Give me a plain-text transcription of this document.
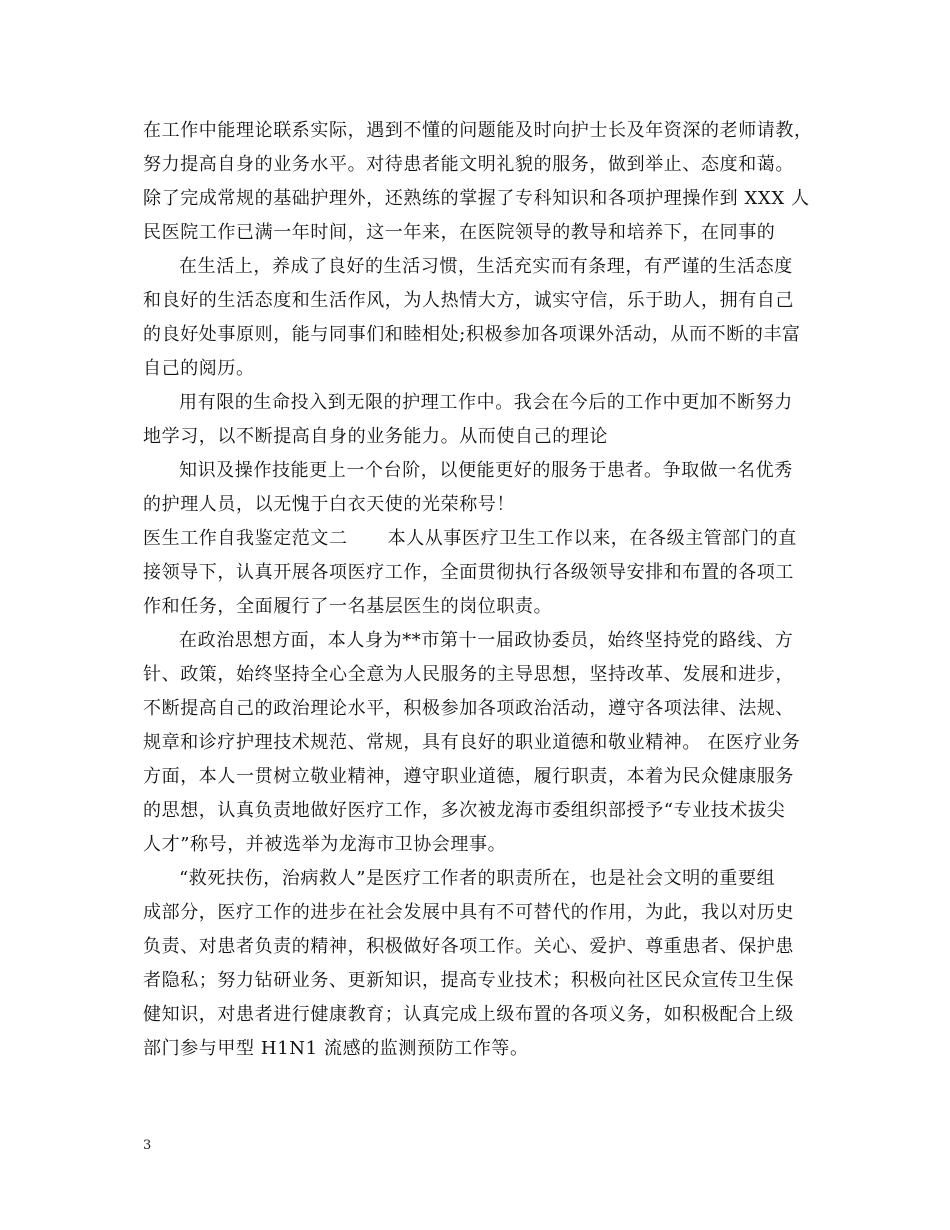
在工作中能理论联系实际，遇到不懂的问题能及时向护士长及年资深的老师请教，
努力提高自身的业务水平。对待患者能文明礼貌的服务，做到举止、态度和蔼。
除了完成常规的基础护理外，还熟练的掌握了专科知识和各项护理操作到 XXX 人
民医院工作已满一年时间，这一年来，在医院领导的教导和培养下，在同事的
在生活上，养成了良好的生活习惯，生活充实而有条理，有严谨的生活态度
和良好的生活态度和生活作风，为人热情大方，诚实守信，乐于助人，拥有自己
的良好处事原则，能与同事们和睦相处;积极参加各项课外活动，从而不断的丰富
自己的阅历。
用有限的生命投入到无限的护理工作中。我会在今后的工作中更加不断努力
地学习，以不断提高自身的业务能力。从而使自己的理论
知识及操作技能更上一个台阶，以便能更好的服务于患者。争取做一名优秀
的护理人员，以无愧于白衣天使的光荣称号！
医生工作自我鉴定范文二 本人从事医疗卫生工作以来，在各级主管部门的直
接领导下，认真开展各项医疗工作，全面贯彻执行各级领导安排和布置的各项工
作和任务，全面履行了一名基层医生的岗位职责。
在政治思想方面，本人身为**市第十一届政协委员，始终坚持党的路线、方
针、政策，始终坚持全心全意为人民服务的主导思想，坚持改革、发展和进步，
不断提高自己的政治理论水平，积极参加各项政治活动，遵守各项法律、法规、
规章和诊疗护理技术规范、常规，具有良好的职业道德和敬业精神。 在医疗业务
方面，本人一贯树立敬业精神，遵守职业道德，履行职责，本着为民众健康服务
的思想，认真负责地做好医疗工作，多次被龙海市委组织部授予“专业技术拔尖
人才”称号，并被选举为龙海市卫协会理事。
“救死扶伤，治病救人”是医疗工作者的职责所在，也是社会文明的重要组
成部分，医疗工作的进步在社会发展中具有不可替代的作用，为此，我以对历史
负责、对患者负责的精神，积极做好各项工作。关心、爱护、尊重患者、保护患
者隐私；努力钻研业务、更新知识，提高专业技术；积极向社区民众宣传卫生保
健知识，对患者进行健康教育；认真完成上级布置的各项义务，如积极配合上级
部门参与甲型 H1N1 流感的监测预防工作等。
3
